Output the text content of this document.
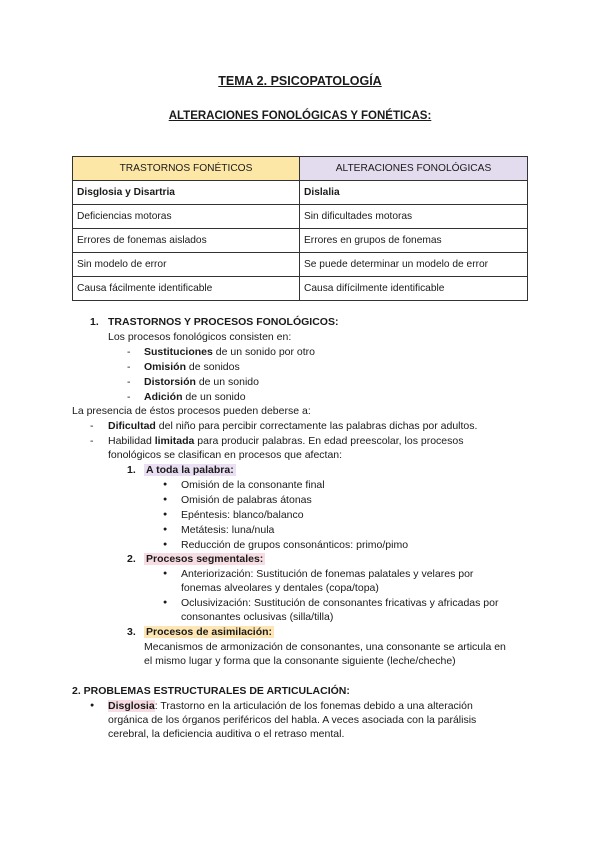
TEMA 2. PSICOPATOLOGÍA
ALTERACIONES FONOLÓGICAS Y FONÉTICAS:
TRASTORNOS FONÉTICOS	ALTERACIONES FONOLÓGICAS
Disglosia y Disartria	Dislalia
Deficiencias motoras	Sin dificultades motoras
Errores de fonemas aislados	Errores en grupos de fonemas
Sin modelo de error	Se puede determinar un modelo de error
Causa fácilmente identificable	Causa difícilmente identificable
1. TRASTORNOS Y PROCESOS FONOLÓGICOS:
Los procesos fonológicos consisten en:
- Sustituciones de un sonido por otro
- Omisión de sonidos
- Distorsión de un sonido
- Adición de un sonido
La presencia de éstos procesos pueden deberse a:
- Dificultad del niño para percibir correctamente las palabras dichas por adultos.
- Habilidad limitada para producir palabras. En edad preescolar, los procesos
fonológicos se clasifican en procesos que afectan:
1. A toda la palabra:
● Omisión de la consonante final
● Omisión de palabras átonas
● Epéntesis: blanco/balanco
● Metátesis: luna/nula
● Reducción de grupos consonánticos: primo/pimo
2. Procesos segmentales:
● Anteriorización: Sustitución de fonemas palatales y velares por
fonemas alveolares y dentales (copa/topa)
● Oclusivización: Sustitución de consonantes fricativas y africadas por
consonantes oclusivas (silla/tilla)
3. Procesos de asimilación:
Mecanismos de armonización de consonantes, una consonante se articula en
el mismo lugar y forma que la consonante siguiente (leche/cheche)
2. PROBLEMAS ESTRUCTURALES DE ARTICULACIÓN:
● Disglosia: Trastorno en la articulación de los fonemas debido a una alteración
orgánica de los órganos periféricos del habla. A veces asociada con la parálisis
cerebral, la deficiencia auditiva o el retraso mental.
